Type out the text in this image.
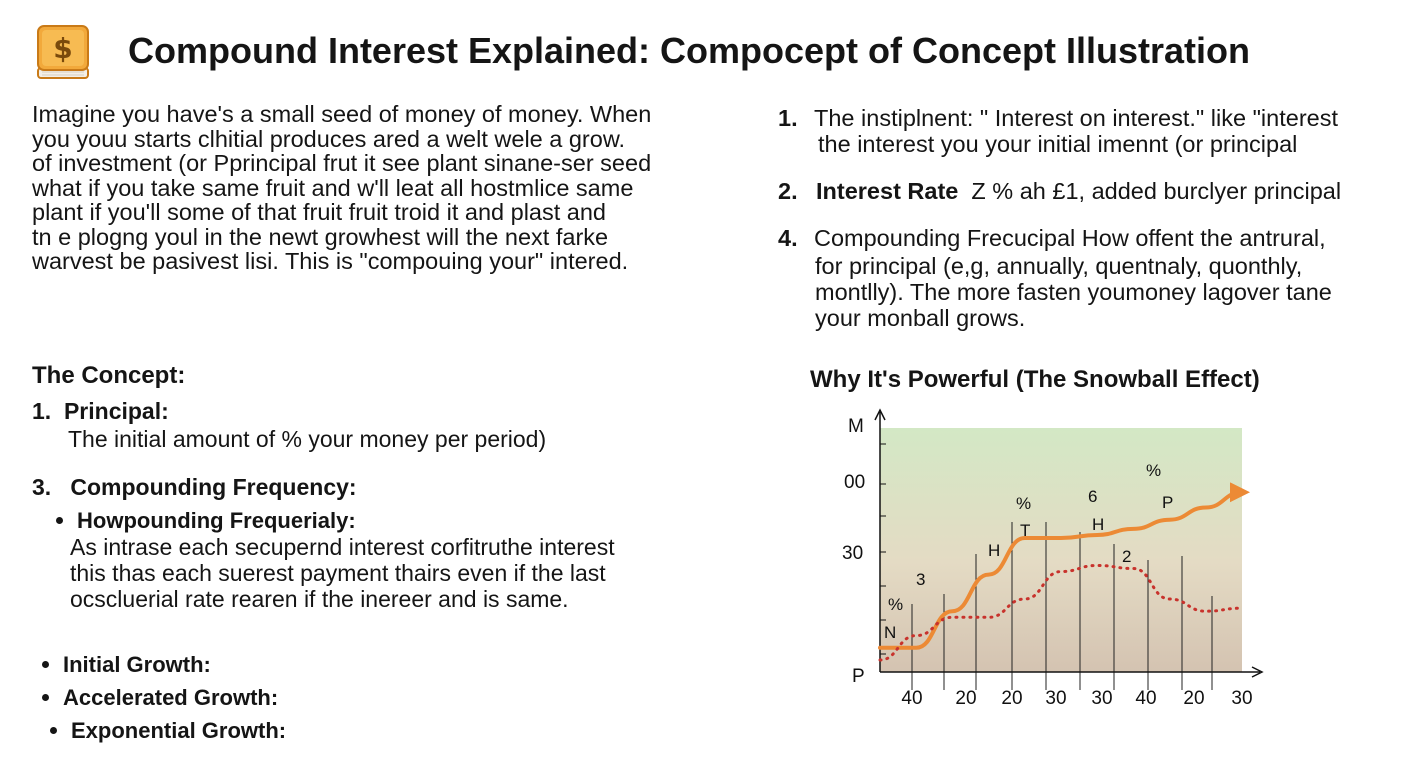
$ Compound Interest Explained: Compocept of Concept Illustration
Imagine you have's a small seed of money of money. When
you youu starts clhitial produces ared a welt wele a grow.
of investment (or Pprincipal frut it see plant sinane-ser seed
what if you take same fruit and w'll leat all hostmlice same
plant if you'll some of that fruit fruit troid it and plast and
tn e plogng youl in the newt growhest will the next farke
warvest be pasivest lisi. This is "compouing your" intered.
The Concept:
1. Principal:
The initial amount of % your money per period)
3. Compounding Frequency:
Howpounding Frequerialy:
As intrase each secupernd interest corfitruthe interest
this thas each suerest payment thairs even if the last
ocscluerial rate rearen if the inereer and is same.
Initial Growth:
Accelerated Growth:
Exponential Growth:
1. The instiplnent: " Interest on interest." like "interest
the interest you your initial imennt (or principal
2. Interest Rate Z % ah £1, added burclyer principal
4. Compounding Frecucipal How offent the antrural,
for principal (e,g, annually, quentnaly, quonthly,
montlly). The more fasten youmoney lagover tane
your monball grows.
Why It's Powerful (The Snowball Effect)
M
00
30
P
40 20 20 30 30 40 20 30
%
N
3
H
%
T
6
H
%
P
2
